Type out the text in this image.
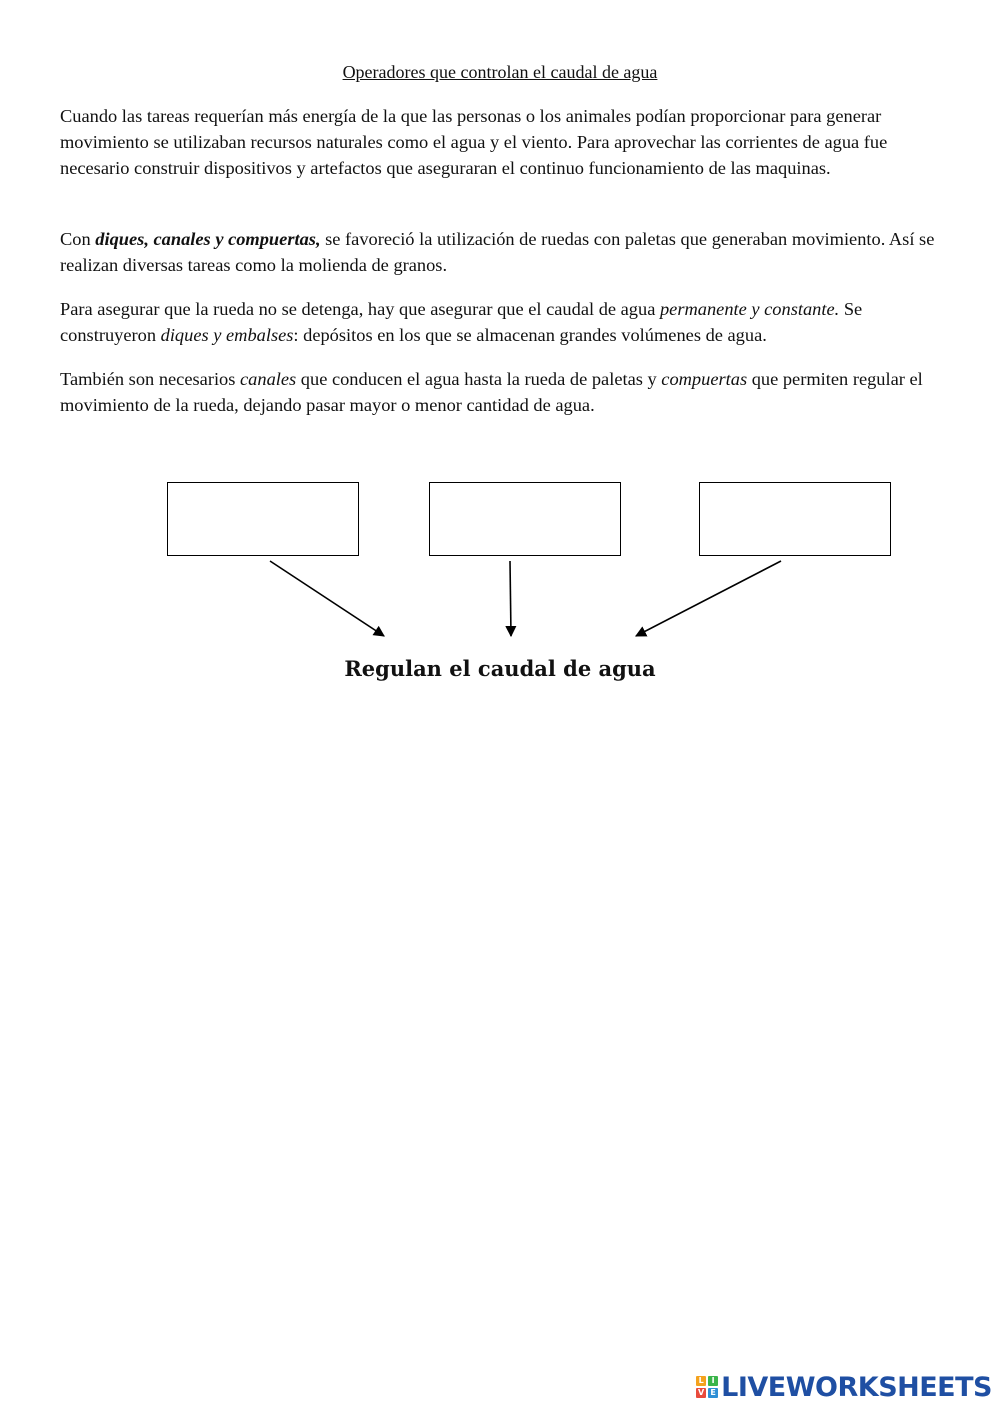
Operadores que controlan el caudal de agua

Cuando las tareas requerían más energía de la que las personas o los animales podían proporcionar para generar movimiento se utilizaban recursos naturales como el agua y el viento. Para aprovechar las corrientes de agua fue necesario construir dispositivos y artefactos que aseguraran el continuo funcionamiento de las maquinas.

Con diques, canales y compuertas, se favoreció la utilización de ruedas con paletas que generaban movimiento. Así se realizan diversas tareas como la molienda de granos.

Para asegurar que la rueda no se detenga, hay que asegurar que el caudal de agua permanente y constante. Se construyeron diques y embalses: depósitos en los que se almacenan grandes volúmenes de agua.

También son necesarios canales que conducen el agua hasta la rueda de paletas y compuertas que permiten regular el movimiento de la rueda, dejando pasar mayor o menor cantidad de agua.

Regulan el caudal de agua
L I
V E LIVEWORKSHEETS
